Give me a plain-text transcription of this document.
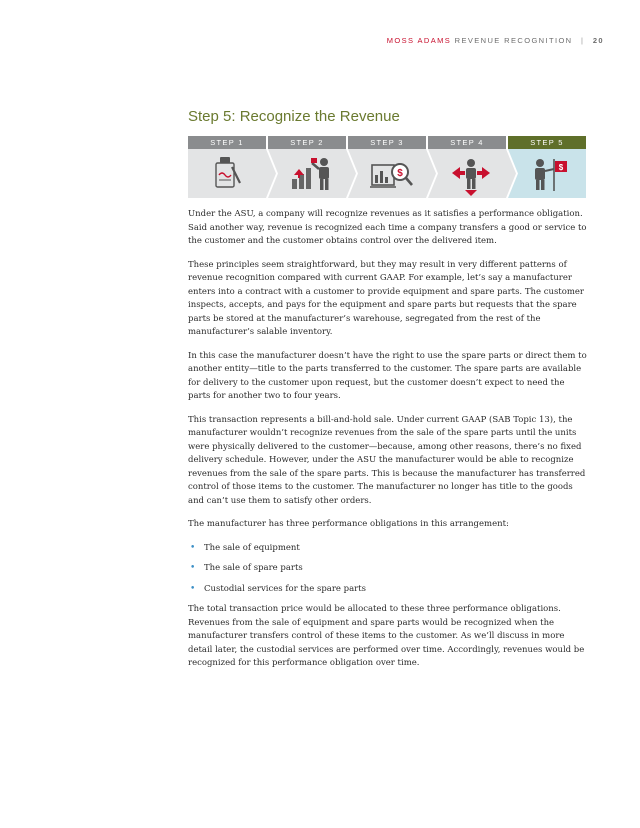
MOSS ADAMS REVENUE RECOGNITION | 20
Step 5: Recognize the Revenue
STEP 1	STEP 2	STEP 3	STEP 4	STEP 5
$
$

Under the ASU, a company will recognize revenues as it satisfies a performance obligation. Said another way, revenue is recognized each time a company transfers a good or service to the customer and the customer obtains control over the delivered item.

These principles seem straightforward, but they may result in very different patterns of revenue recognition compared with current GAAP. For example, let’s say a manufacturer enters into a contract with a customer to provide equipment and spare parts. The customer inspects, accepts, and pays for the equipment and spare parts but requests that the spare parts be stored at the manufacturer’s warehouse, segregated from the rest of the manufacturer’s salable inventory.

In this case the manufacturer doesn’t have the right to use the spare parts or direct them to another entity—title to the parts transferred to the customer. The spare parts are available for delivery to the customer upon request, but the customer doesn’t expect to need the parts for another two to four years.

This transaction represents a bill-and-hold sale. Under current GAAP (SAB Topic 13), the manufacturer wouldn’t recognize revenues from the sale of the spare parts until the units were physically delivered to the customer—because, among other reasons, there’s no fixed delivery schedule. However, under the ASU the manufacturer would be able to recognize revenues from the sale of the spare parts. This is because the manufacturer has transferred control of those items to the customer. The manufacturer no longer has title to the goods and can’t use them to satisfy other orders.

The manufacturer has three performance obligations in this arrangement:

• The sale of equipment
• The sale of spare parts
• Custodial services for the spare parts

The total transaction price would be allocated to these three performance obligations. Revenues from the sale of equipment and spare parts would be recognized when the manufacturer transfers control of these items to the customer. As we’ll discuss in more detail later, the custodial services are performed over time. Accordingly, revenues would be recognized for this performance obligation over time.
